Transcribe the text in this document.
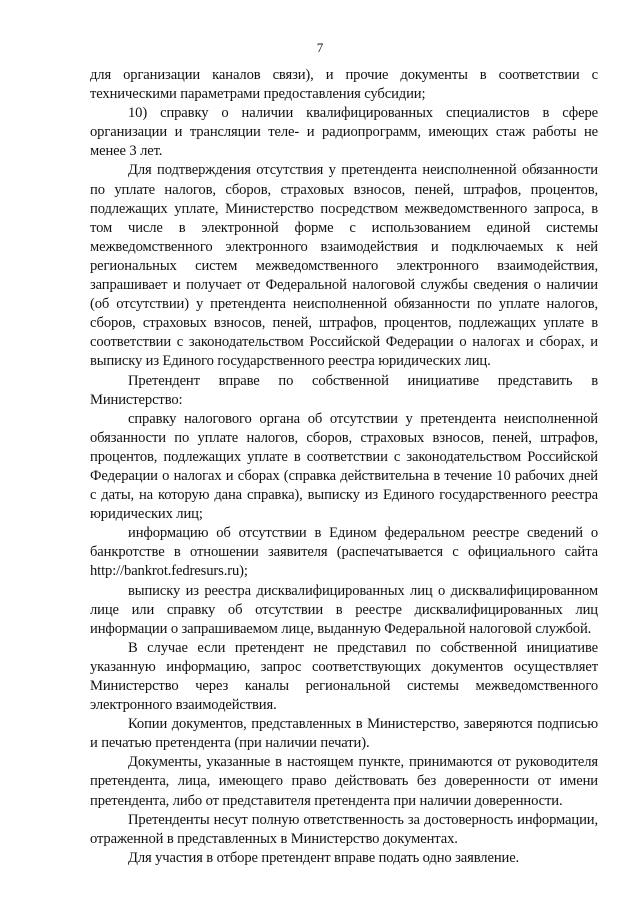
7

для организации каналов связи), и прочие документы в соответствии с техническими параметрами предоставления субсидии;

10) справку о наличии квалифицированных специалистов в сфере организации и трансляции теле- и радиопрограмм, имеющих стаж работы не менее 3 лет.

Для подтверждения отсутствия у претендента неисполненной обязанности по уплате налогов, сборов, страховых взносов, пеней, штрафов, процентов, подлежащих уплате, Министерство посредством межведомственного запроса, в том числе в электронной форме с использованием единой системы межведомственного электронного взаимодействия и подключаемых к ней региональных систем межведомственного электронного взаимодействия, запрашивает и получает от Федеральной налоговой службы сведения о наличии (об отсутствии) у претендента неисполненной обязанности по уплате налогов, сборов, страховых взносов, пеней, штрафов, процентов, подлежащих уплате в соответствии с законодательством Российской Федерации о налогах и сборах, и выписку из Единого государственного реестра юридических лиц.

Претендент вправе по собственной инициативе представить в Министерство:

справку налогового органа об отсутствии у претендента неисполненной обязанности по уплате налогов, сборов, страховых взносов, пеней, штрафов, процентов, подлежащих уплате в соответствии с законодательством Российской Федерации о налогах и сборах (справка действительна в течение 10 рабочих дней с даты, на которую дана справка), выписку из Единого государственного реестра юридических лиц;

информацию об отсутствии в Едином федеральном реестре сведений о банкротстве в отношении заявителя (распечатывается с официального сайта http://bankrot.fedresurs.ru);

выписку из реестра дисквалифицированных лиц о дисквалифицированном лице или справку об отсутствии в реестре дисквалифицированных лиц информации о запрашиваемом лице, выданную Федеральной налоговой службой.

В случае если претендент не представил по собственной инициативе указанную информацию, запрос соответствующих документов осуществляет Министерство через каналы региональной системы межведомственного электронного взаимодействия.

Копии документов, представленных в Министерство, заверяются подписью и печатью претендента (при наличии печати).

Документы, указанные в настоящем пункте, принимаются от руководителя претендента, лица, имеющего право действовать без доверенности от имени претендента, либо от представителя претендента при наличии доверенности.

Претенденты несут полную ответственность за достоверность информации, отраженной в представленных в Министерство документах.

Для участия в отборе претендент вправе подать одно заявление.
